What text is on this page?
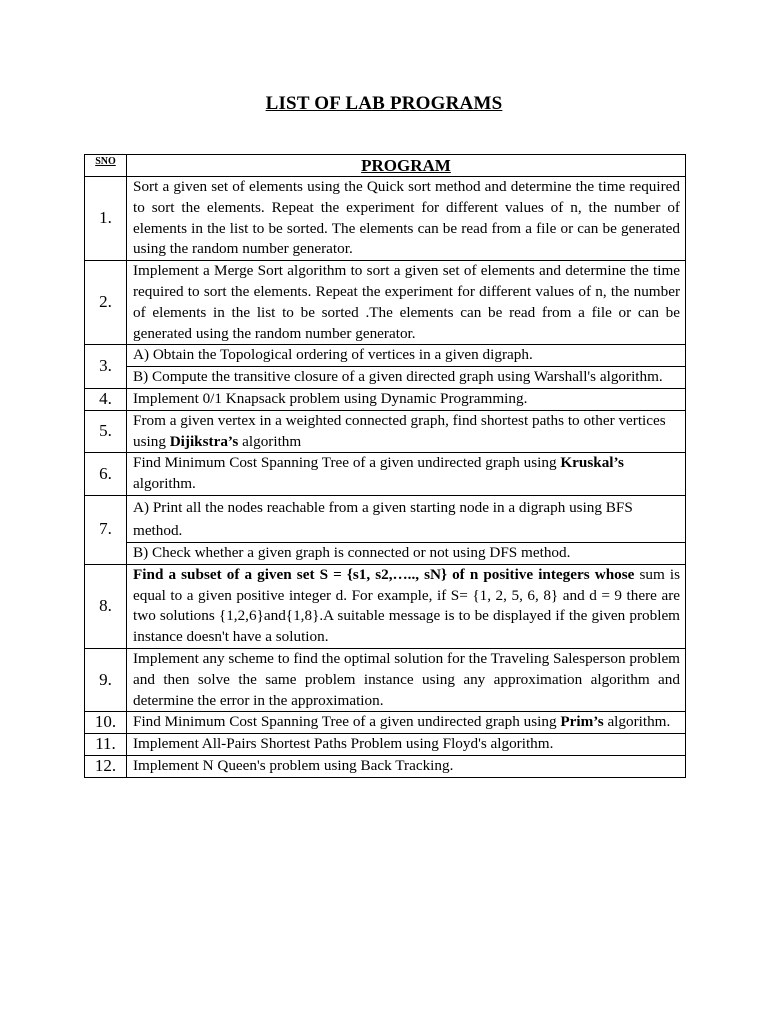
LIST OF LAB PROGRAMS
SNO	PROGRAM
1.	Sort a given set of elements using the Quick sort method and determine the time required to sort the elements. Repeat the experiment for different values of n, the number of elements in the list to be sorted. The elements can be read from a file or can be generated using the random number generator.
2.	Implement a Merge Sort algorithm to sort a given set of elements and determine the time required to sort the elements. Repeat the experiment for different values of n, the number of elements in the list to be sorted .The elements can be read from a file or can be generated using the random number generator.
3.	A) Obtain the Topological ordering of vertices in a given digraph.
	B) Compute the transitive closure of a given directed graph using Warshall's algorithm.
4.	Implement 0/1 Knapsack problem using Dynamic Programming.
5.	From a given vertex in a weighted connected graph, find shortest paths to other vertices using Dijikstra’s algorithm
6.	Find Minimum Cost Spanning Tree of a given undirected graph using Kruskal’s algorithm.
7.	A) Print all the nodes reachable from a given starting node in a digraph using BFS method.
	B) Check whether a given graph is connected or not using DFS method.
8.	Find a subset of a given set S = {s1, s2,….., sN} of n positive integers whose sum is equal to a given positive integer d. For example, if S= {1, 2, 5, 6, 8} and d = 9 there are two solutions {1,2,6}and{1,8}.A suitable message is to be displayed if the given problem instance doesn't have a solution.
9.	Implement any scheme to find the optimal solution for the Traveling Salesperson problem and then solve the same problem instance using any approximation algorithm and determine the error in the approximation.
10.	Find Minimum Cost Spanning Tree of a given undirected graph using Prim’s algorithm.
11.	Implement All-Pairs Shortest Paths Problem using Floyd's algorithm.
12.	Implement N Queen's problem using Back Tracking.
